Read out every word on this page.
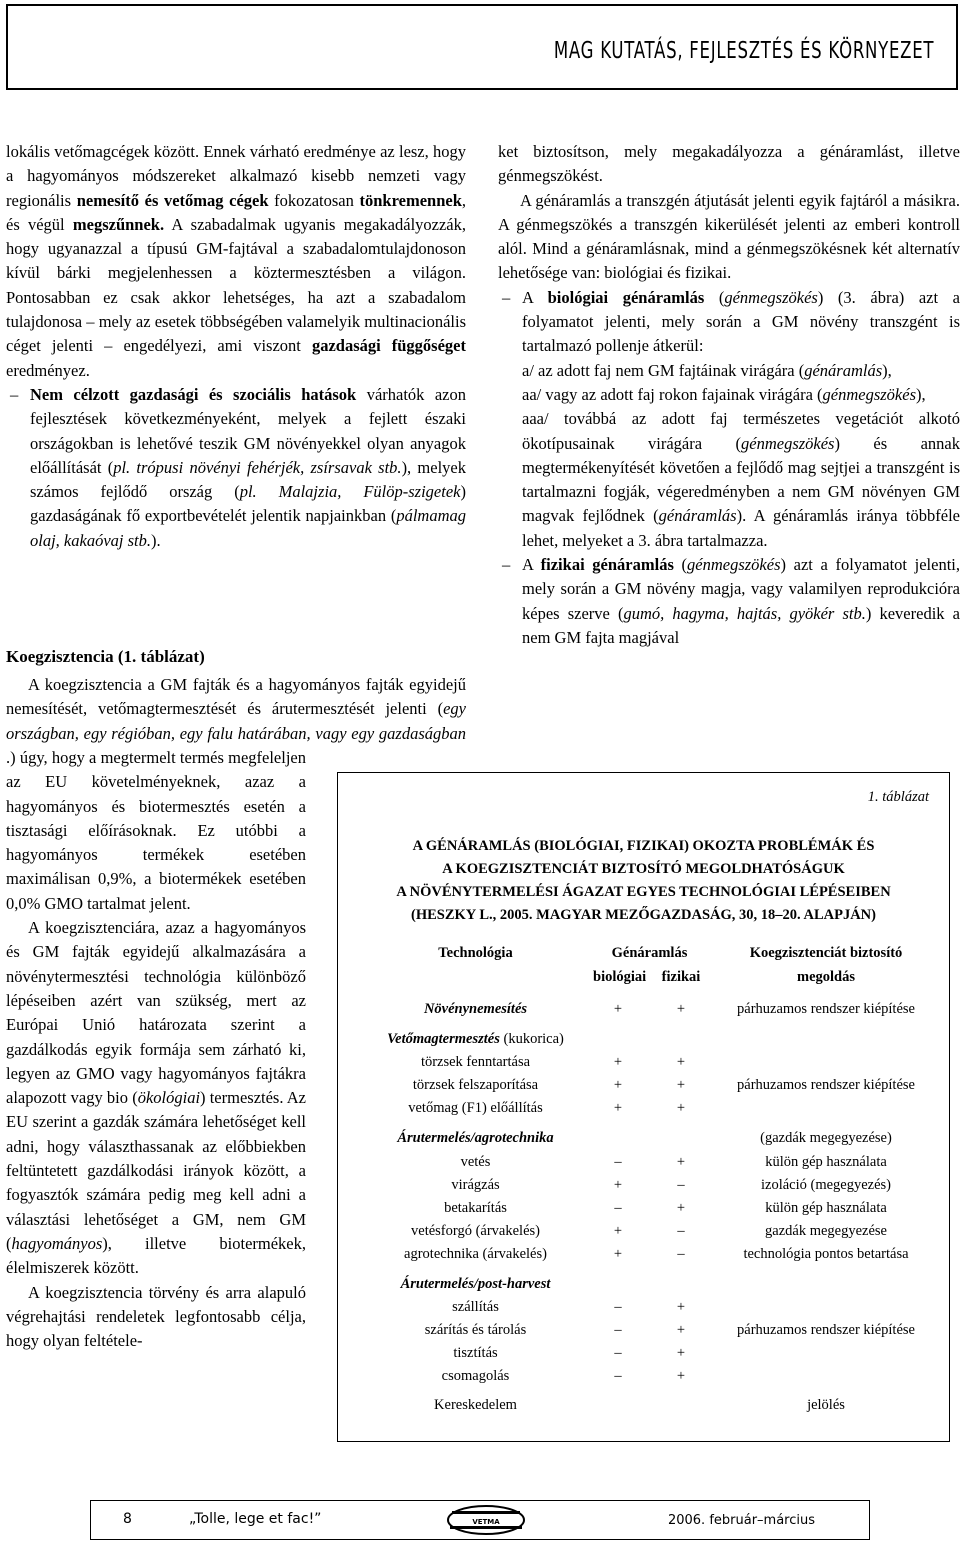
MAG KUTATÁS, FEJLESZTÉS ÉS KÖRNYEZET

lokális vetőmagcégek között. Ennek várható eredménye az lesz, hogy a hagyományos módszereket alkalmazó kisebb nemzeti vagy regionális nemesítő és vetőmag cégek fokozatosan tönkremennek, és végül megszűnnek. A szabadalmak ugyanis megakadályozzák, hogy ugyanazzal a típusú GM-fajtával a szabadalomtulajdonoson kívül bárki megjelenhessen a köztermesztésben a világon. Pontosabban ez csak akkor lehetséges, ha azt a szabadalom tulajdonosa – mely az esetek többségében valamelyik multinacionális céget jelenti – engedélyezi, ami viszont gazdasági függőséget eredményez.

– Nem célzott gazdasági és szociális hatások várhatók azon fejlesztések következményeként, melyek a fejlett északi országokban is lehetővé teszik GM növényekkel olyan anyagok előállítását (pl. trópusi növényi fehérjék, zsírsavak stb.), melyek számos fejlődő ország (pl. Malajzia, Fülöp-szigetek) gazdaságának fő exportbevételét jelentik napjainkban (pálmamag olaj, kakaóvaj stb.).

Koegzisztencia (1. táblázat)

A koegzisztencia a GM fajták és a hagyományos fajták egyidejű nemesítését, vetőmagtermesztését és árutermesztését jelenti (egy országban, egy régióban, egy falu határában, vagy egy gazdaságban

.) úgy, hogy a megtermelt termés megfeleljen az EU követelményeknek, azaz a hagyományos és biotermesztés esetén a tisztasági előírásoknak. Ez utóbbi a hagyományos termékek esetében maximálisan 0,9%, a biotermékek esetében 0,0% GMO tartalmat jelent.

A koegzisztenciára, azaz a hagyományos és GM fajták egyidejű alkalmazására a növénytermesztési technológia különböző lépéseiben azért van szükség, mert az Európai Unió határozata szerint a gazdálkodás egyik formája sem zárható ki, legyen az GMO vagy hagyományos fajtákra alapozott vagy bio (ökológiai) termesztés. Az EU szerint a gazdák számára lehetőséget kell adni, hogy választhassanak az előbbiekben feltüntetett gazdálkodási irányok között, a fogyasztók számára pedig meg kell adni a választási lehetőséget a GM, nem GM (hagyományos), illetve biotermékek, élelmiszerek között.

A koegzisztencia törvény és arra alapuló végrehajtási rendeletek legfontosabb célja, hogy olyan feltétele-

ket biztosítson, mely megakadályozza a génáramlást, illetve génmegszökést.

A génáramlás a transzgén átjutását jelenti egyik fajtáról a másikra. A génmegszökés a transzgén kikerülését jelenti az emberi kontroll alól. Mind a génáramlásnak, mind a génmegszökésnek két alternatív lehetősége van: biológiai és fizikai.

– A biológiai génáramlás (génmegszökés) (3. ábra) azt a folyamatot jelenti, mely során a GM növény transzgént is tartalmazó pollenje átkerül:

a/ az adott faj nem GM fajtáinak virágára (génáramlás),

aa/ vagy az adott faj rokon fajainak virágára (génmegszökés),

aaa/ továbbá az adott faj természetes vegetációt alkotó ökotípusainak virágára (génmegszökés) és annak megtermékenyítését követően a fejlődő mag sejtjei a transzgént is tartalmazni fogják, végeredményben a nem GM növényen GM magvak fejlődnek (génáramlás). A génáramlás iránya többféle lehet, melyeket a 3. ábra tartalmazza.

– A fizikai génáramlás (génmegszökés) azt a folyamatot jelenti, mely során a GM növény magja, vagy valamilyen reprodukcióra képes szerve (gumó, hagyma, hajtás, gyökér stb.) keveredik a nem GM fajta magjával

1. táblázat
A GÉNÁRAMLÁS (BIOLÓGIAI, FIZIKAI) OKOZTA PROBLÉMÁK ÉS
A KOEGZISZTENCIÁT BIZTOSÍTÓ MEGOLDHATÓSÁGUK
A NÖVÉNYTERMELÉSI ÁGAZAT EGYES TECHNOLÓGIAI LÉPÉSEIBEN
(HESZKY L., 2005. MAGYAR MEZŐGAZDASÁG, 30, 18–20. ALAPJÁN)
Technológia	Génáramlás	Koegzisztenciát biztosító
biológiai	fizikai	megoldás
Növénynemesítés	+	+	párhuzamos rendszer kiépítése
Vetőmagtermesztés (kukorica)
törzsek fenntartása	+	+
törzsek felszaporítása	+	+	párhuzamos rendszer kiépítése
vetőmag (F1) előállítás	+	+
Árutermelés/agrotechnika	(gazdák megegyezése)
vetés	–	+	külön gép használata
virágzás	+	–	izoláció (megegyezés)
betakarítás	–	+	külön gép használata
vetésforgó (árvakelés)	+	–	gazdák megegyezése
agrotechnika (árvakelés)	+	–	technológia pontos betartása
Árutermelés/post-harvest
szállítás	–	+
szárítás és tárolás	–	+	párhuzamos rendszer kiépítése
tisztítás	–	+
csomagolás	–	+
Kereskedelem	jelölés
8	„Tolle, lege et fac!”	VETMA	2006. február–március
